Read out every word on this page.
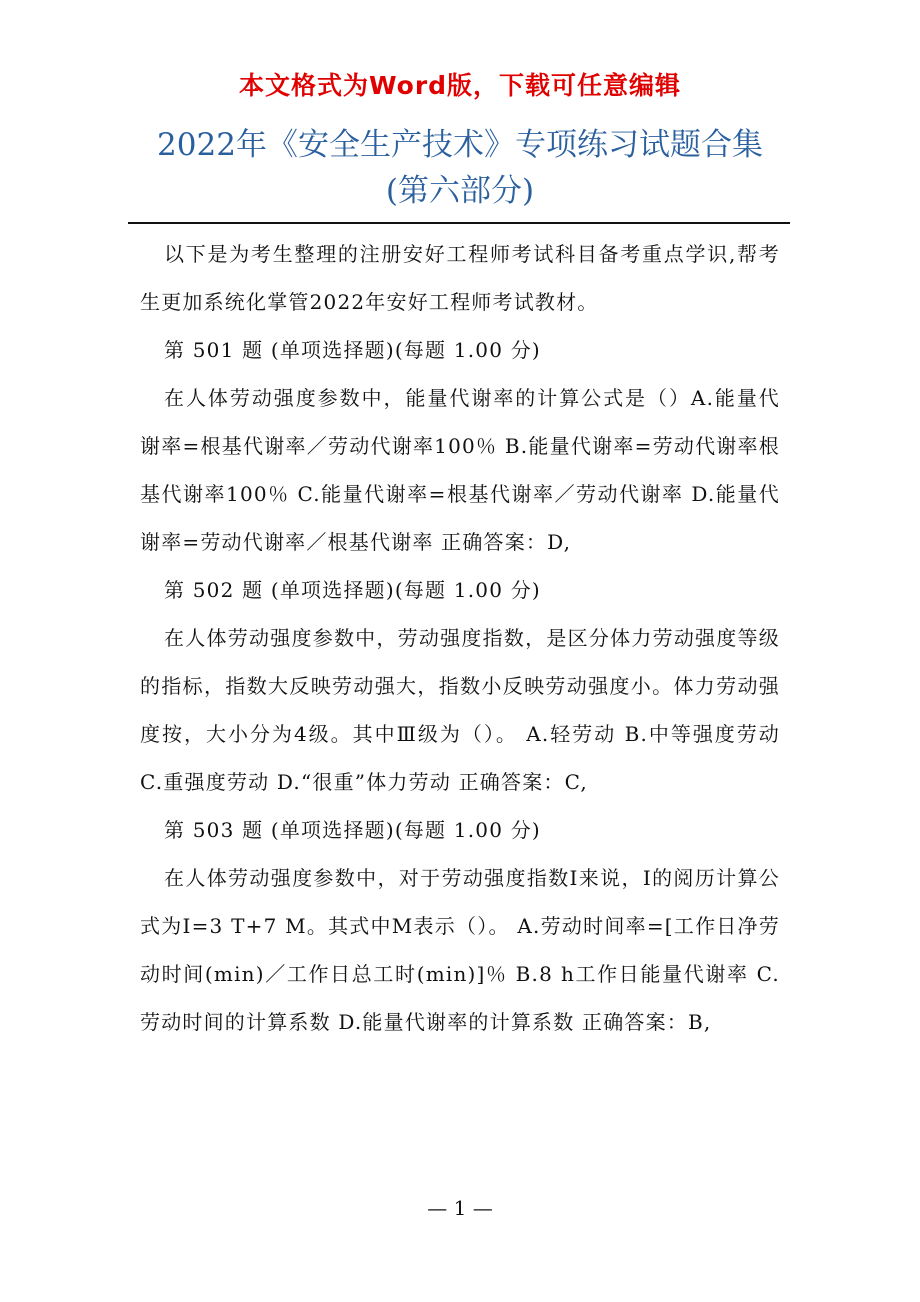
本文格式为Word版，下载可任意编辑
2022年《安全生产技术》专项练习试题合集
(第六部分)

以下是为考生整理的注册安好工程师考试科目备考重点学识,帮考生更加系统化掌管2022年安好工程师考试教材。

第 501 题 (单项选择题)(每题 1.00 分)

在人体劳动强度参数中，能量代谢率的计算公式是（）A.能量代谢率=根基代谢率／劳动代谢率100％ B.能量代谢率=劳动代谢率根基代谢率100％ C.能量代谢率=根基代谢率／劳动代谢率 D.能量代谢率=劳动代谢率／根基代谢率 正确答案：D,

第 502 题 (单项选择题)(每题 1.00 分)

在人体劳动强度参数中，劳动强度指数，是区分体力劳动强度等级的指标，指数大反映劳动强大，指数小反映劳动强度小。体力劳动强度按，大小分为4级。其中Ⅲ级为（）。 A.轻劳动 B.中等强度劳动 C.重强度劳动 D.“很重”体力劳动 正确答案：C,

第 503 题 (单项选择题)(每题 1.00 分)

在人体劳动强度参数中，对于劳动强度指数I来说，I的阅历计算公式为I=3 T+7 M。其式中M表示（）。 A.劳动时间率=[工作日净劳动时间(min)／工作日总工时(min)]％ B.8 h工作日能量代谢率 C.劳动时间的计算系数 D.能量代谢率的计算系数 正确答案：B,

— 1 —
